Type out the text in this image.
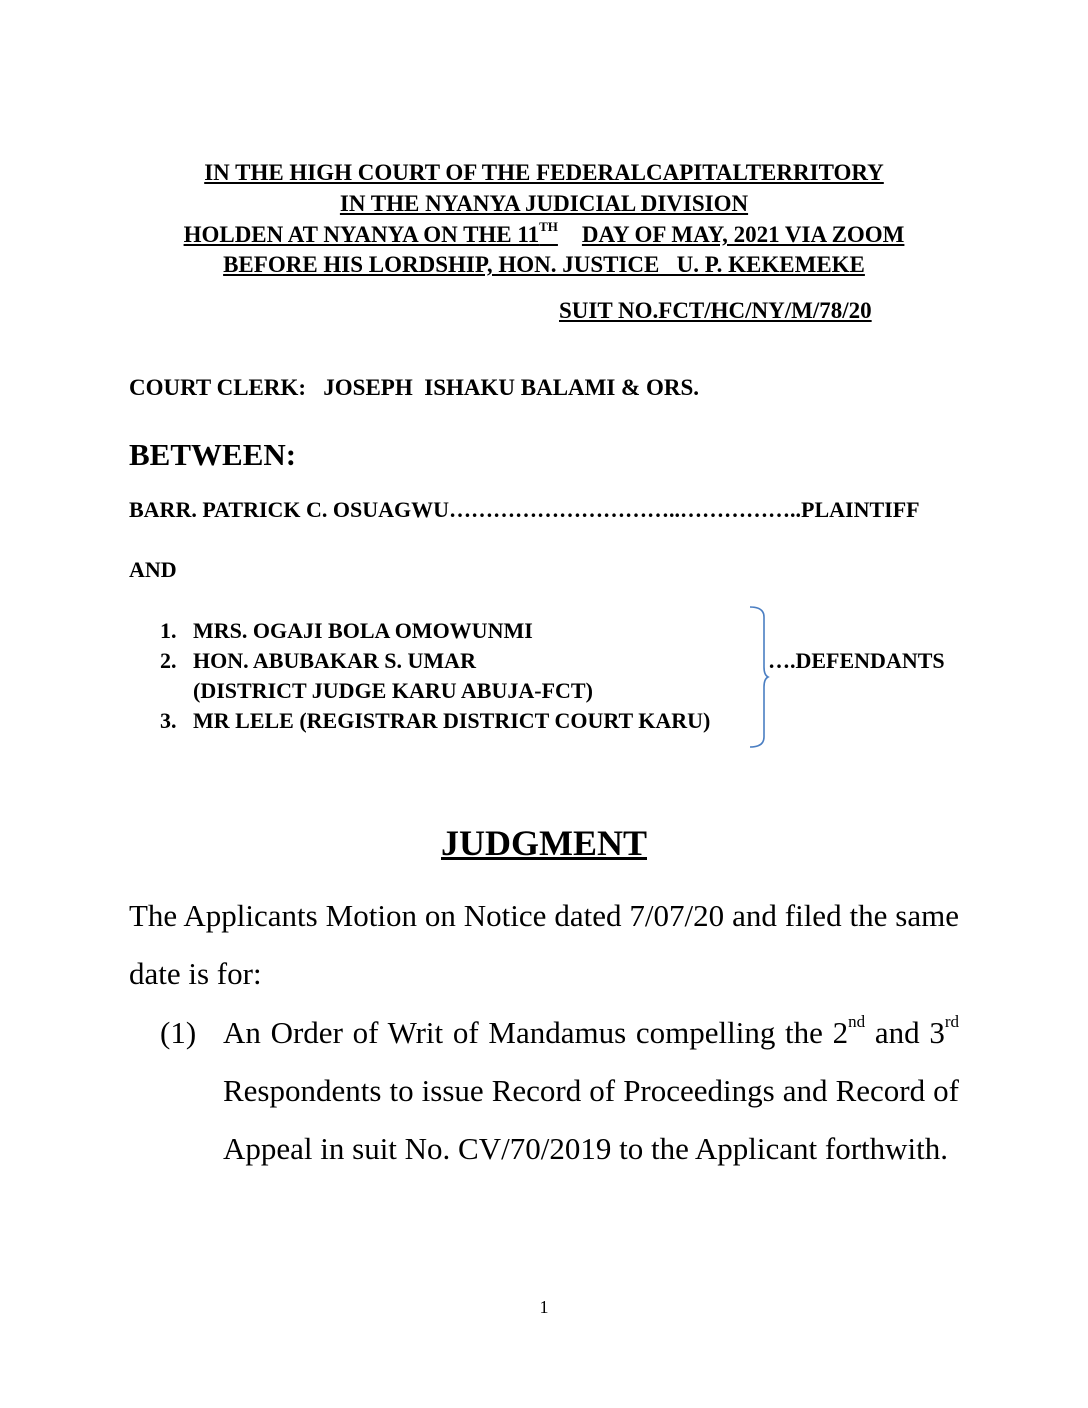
IN THE HIGH COURT OF THE FEDERALCAPITALTERRITORY
IN THE NYANYA JUDICIAL DIVISION
HOLDEN AT NYANYA ON THE 11TH DAY OF MAY, 2021 VIA ZOOM
BEFORE HIS LORDSHIP, HON. JUSTICE   U. P. KEKEMEKE
SUIT NO.FCT/HC/NY/M/78/20
COURT CLERK:   JOSEPH  ISHAKU BALAMI & ORS.
BETWEEN:
BARR. PATRICK C. OSUAGWU…………………………..……………..PLAINTIFF
AND
1. MRS. OGAJI BOLA OMOWUNMI
2. HON. ABUBAKAR S. UMAR
(DISTRICT JUDGE KARU ABUJA-FCT)
3. MR LELE (REGISTRAR DISTRICT COURT KARU)
….DEFENDANTS
JUDGMENT
The Applicants Motion on Notice dated 7/07/20 and filed the same date is for:
(1) An Order of Writ of Mandamus compelling the 2nd and 3rd Respondents to issue Record of Proceedings and Record of Appeal in suit No. CV/70/2019 to the Applicant forthwith.
1
